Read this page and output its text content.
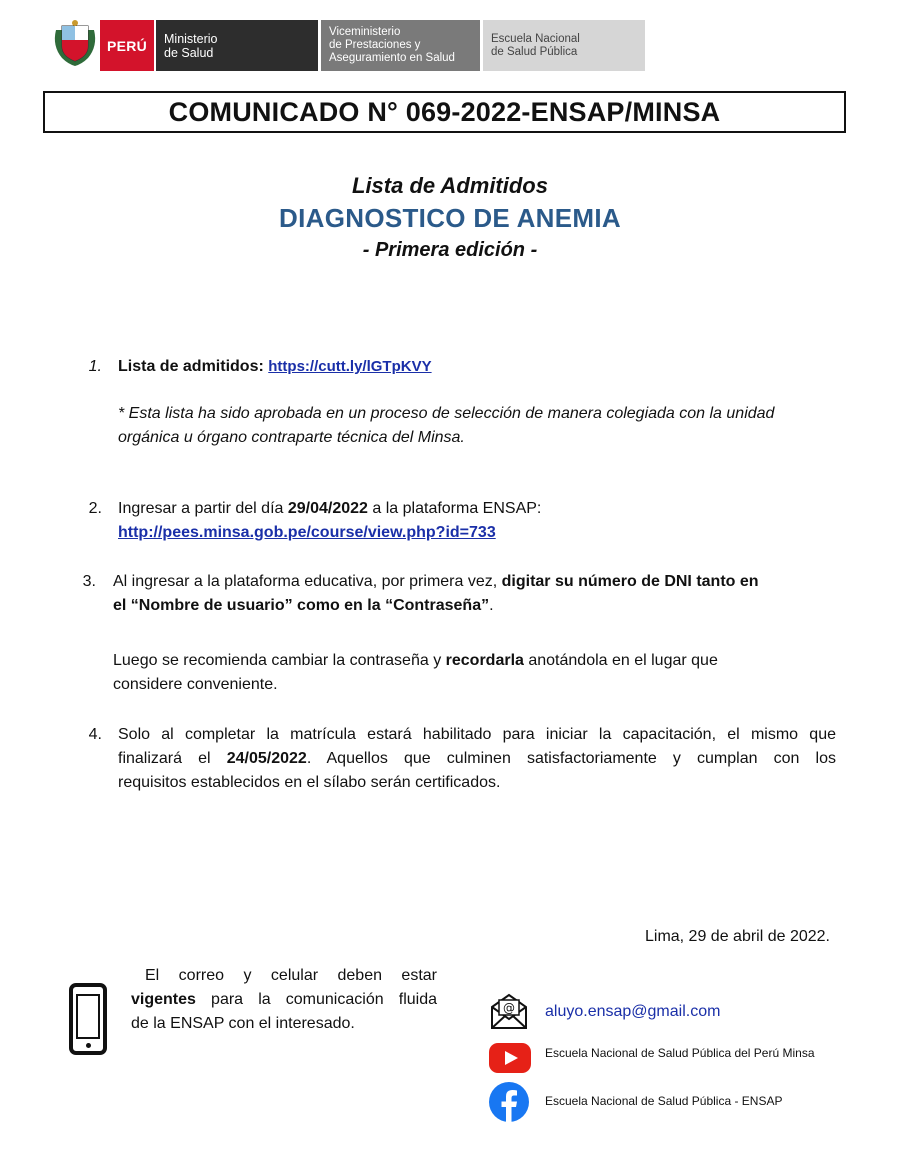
PERÚ Ministerio
de Salud
Viceministerio
de Prestaciones y
Aseguramiento en Salud
Escuela Nacional
de Salud Pública
COMUNICADO N° 069-2022-ENSAP/MINSA
Lista de Admitidos
DIAGNOSTICO DE ANEMIA
- Primera edición -
1. Lista de admitidos: https://cutt.ly/lGTpKVY
* Esta lista ha sido aprobada en un proceso de selección de manera colegiada con la unidad
orgánica u órgano contraparte técnica del Minsa.
2. Ingresar a partir del día 29/04/2022 a la plataforma ENSAP:
http://pees.minsa.gob.pe/course/view.php?id=733
3. Al ingresar a la plataforma educativa, por primera vez, digitar su número de DNI tanto en
el “Nombre de usuario” como en la “Contraseña”.
Luego se recomienda cambiar la contraseña y recordarla anotándola en el lugar que
considere conveniente.
4. Solo al completar la matrícula estará habilitado para iniciar la capacitación, el mismo que
finalizará el 24/05/2022. Aquellos que culminen satisfactoriamente y cumplan con los
requisitos establecidos en el sílabo serán certificados.
Lima, 29 de abril de 2022.
El correo y celular deben estar
vigentes para la comunicación fluida
de la ENSAP con el interesado.
@ aluyo.ensap@gmail.com
Escuela Nacional de Salud Pública del Perú Minsa
Escuela Nacional de Salud Pública - ENSAP
